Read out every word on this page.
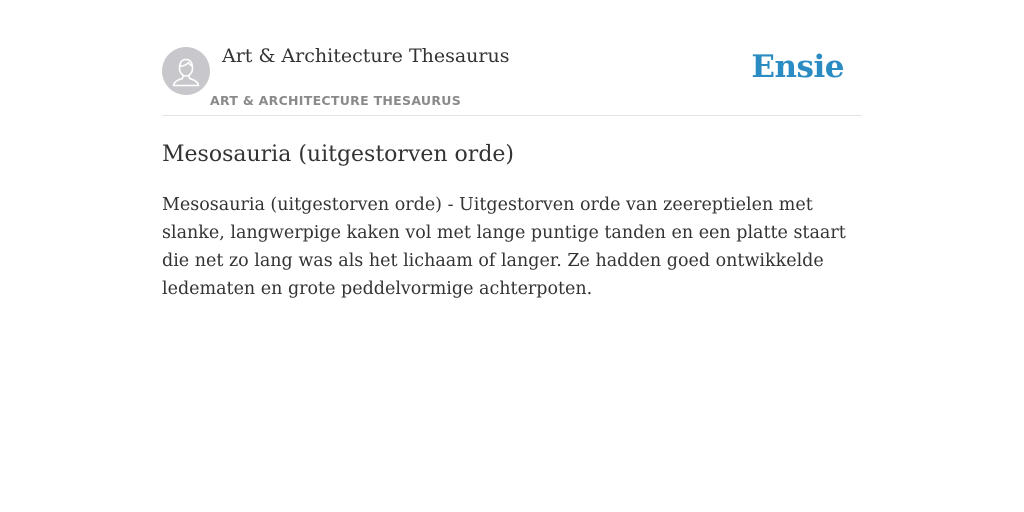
Art & Architecture Thesaurus
ART & ARCHITECTURE THESAURUS
Ensie
Mesosauria (uitgestorven orde)

Mesosauria (uitgestorven orde) - Uitgestorven orde van zeereptielen met slanke, langwerpige kaken vol met lange puntige tanden en een platte staart die net zo lang was als het lichaam of langer. Ze hadden goed ontwikkelde ledematen en grote peddelvormige achterpoten.
